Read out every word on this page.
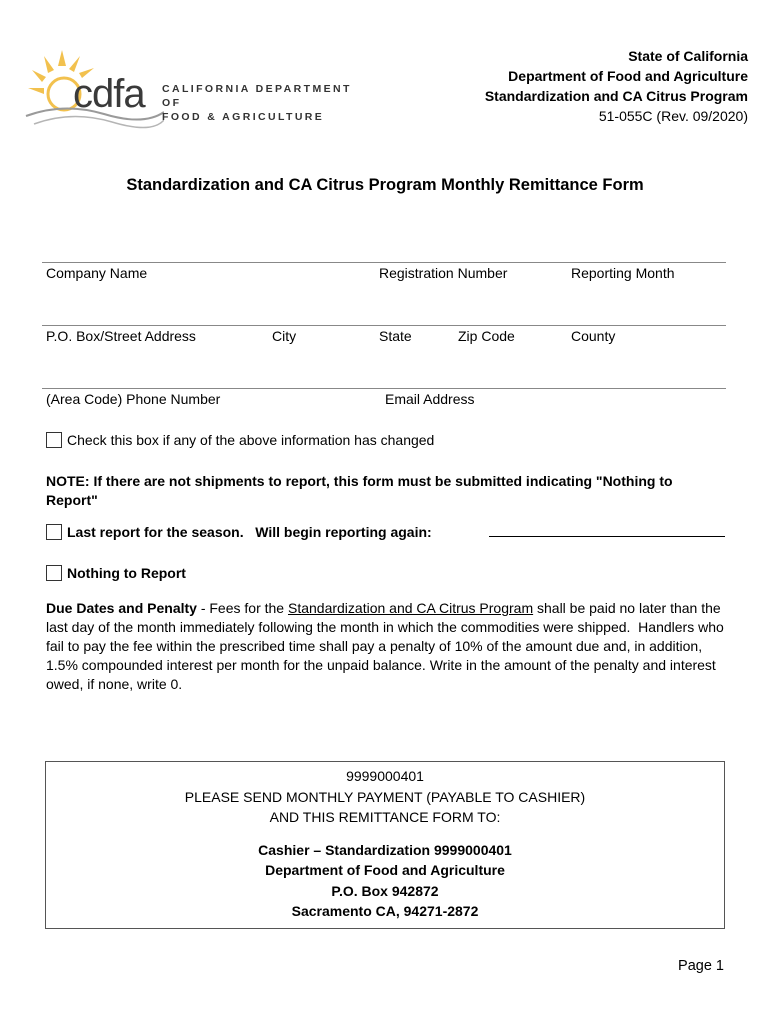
cdfa CALIFORNIA DEPARTMENT OF
FOOD & AGRICULTURE
State of California
Department of Food and Agriculture
Standardization and CA Citrus Program
51-055C (Rev. 09/2020)
Standardization and CA Citrus Program Monthly Remittance Form
Company Name	Registration Number	Reporting Month
P.O. Box/Street Address	City	State	Zip Code	County
(Area Code) Phone Number	Email Address
Check this box if any of the above information has changed
NOTE: If there are not shipments to report, this form must be submitted indicating "Nothing to Report"
Last report for the season.   Will begin reporting again:
Nothing to Report
Due Dates and Penalty - Fees for the Standardization and CA Citrus Program shall be paid no later than the last day of the month immediately following the month in which the commodities were shipped.  Handlers who fail to pay the fee within the prescribed time shall pay a penalty of 10% of the amount due and, in addition, 1.5% compounded interest per month for the unpaid balance. Write in the amount of the penalty and interest owed, if none, write 0.
9999000401
PLEASE SEND MONTHLY PAYMENT (PAYABLE TO CASHIER)
AND THIS REMITTANCE FORM TO:
Cashier – Standardization 9999000401
Department of Food and Agriculture
P.O. Box 942872
Sacramento CA, 94271-2872
Page 1
